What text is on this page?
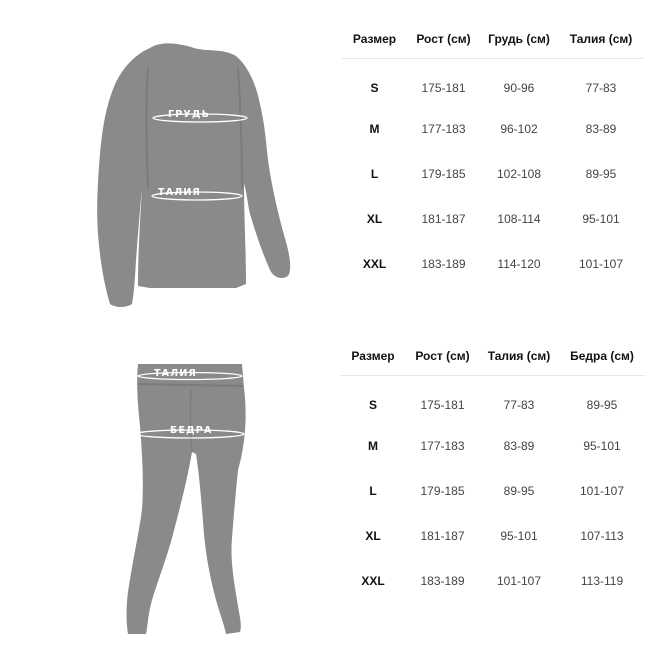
ГРУДЬ
ТАЛИЯ
Размер	Рост (см)	Грудь (см)	Талия (см)
S	175-181	90-96	77-83
M	177-183	96-102	83-89
L	179-185	102-108	89-95
XL	181-187	108-114	95-101
XXL	183-189	114-120	101-107
ТАЛИЯ
БЕДРА
Размер	Рост (см)	Талия (см)	Бедра (см)
S	175-181	77-83	89-95
M	177-183	83-89	95-101
L	179-185	89-95	101-107
XL	181-187	95-101	107-113
XXL	183-189	101-107	113-119
